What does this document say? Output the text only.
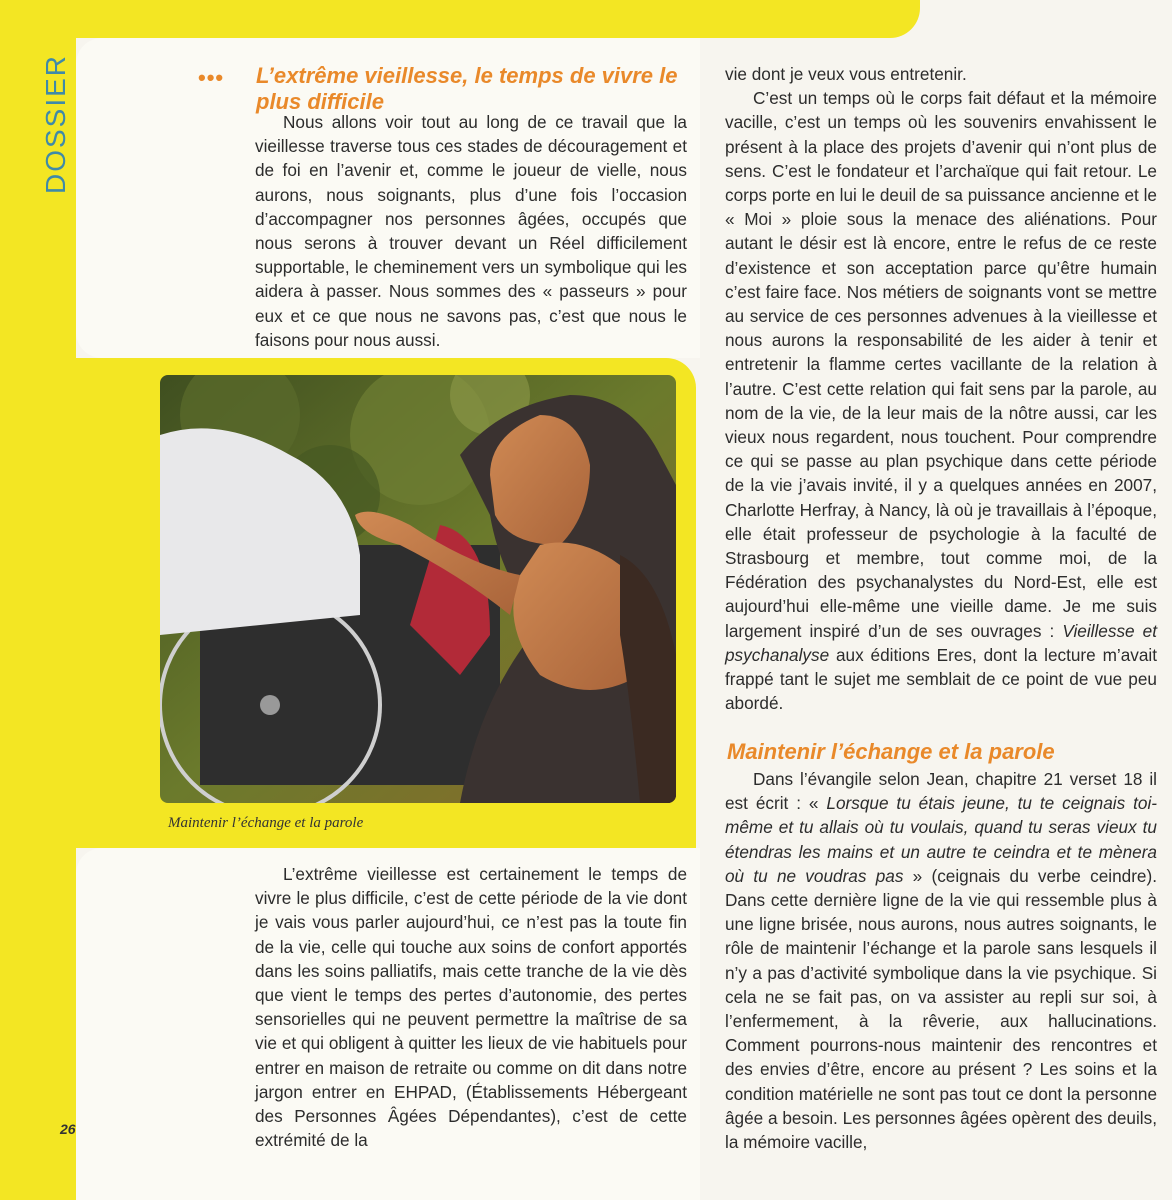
DOSSIER
26
••• L’extrême vieillesse, le temps de vivre le plus difficile

Nous allons voir tout au long de ce travail que la vieillesse traverse tous ces stades de découragement et de foi en l’avenir et, comme le joueur de vielle, nous aurons, nous soignants, plus d’une fois l’occasion d’accompagner nos personnes âgées, occupés que nous serons à trouver devant un Réel difficilement supportable, le cheminement vers un symbolique qui les aidera à passer. Nous sommes des « passeurs » pour eux et ce que nous ne savons pas, c’est que nous le faisons pour nous aussi.

Maintenir l’échange et la parole

L’extrême vieillesse est certainement le temps de vivre le plus difficile, c’est de cette période de la vie dont je vais vous parler aujourd’hui, ce n’est pas la toute fin de la vie, celle qui touche aux soins de confort apportés dans les soins palliatifs, mais cette tranche de la vie dès que vient le temps des pertes d’autonomie, des pertes sensorielles qui ne peuvent permettre la maîtrise de sa vie et qui obligent à quitter les lieux de vie habituels pour entrer en maison de retraite ou comme on dit dans notre jargon entrer en EHPAD, (Établissements Hébergeant des Personnes Âgées Dépendantes), c’est de cette extrémité de la

vie dont je veux vous entretenir.

C’est un temps où le corps fait défaut et la mémoire vacille, c’est un temps où les souvenirs envahissent le présent à la place des projets d’avenir qui n’ont plus de sens. C’est le fondateur et l’archaïque qui fait retour. Le corps porte en lui le deuil de sa puissance ancienne et le « Moi » ploie sous la menace des aliénations. Pour autant le désir est là encore, entre le refus de ce reste d’existence et son acceptation parce qu’être humain c’est faire face. Nos métiers de soignants vont se mettre au service de ces personnes advenues à la vieillesse et nous aurons la responsabilité de les aider à tenir et entretenir la flamme certes vacillante de la relation à l’autre. C’est cette relation qui fait sens par la parole, au nom de la vie, de la leur mais de la nôtre aussi, car les vieux nous regardent, nous touchent. Pour comprendre ce qui se passe au plan psychique dans cette période de la vie j’avais invité, il y a quelques années en 2007, Charlotte Herfray, à Nancy, là où je travaillais à l’époque, elle était professeur de psychologie à la faculté de Strasbourg et membre, tout comme moi, de la Fédération des psychanalystes du Nord-Est, elle est aujourd’hui elle-même une vieille dame. Je me suis largement inspiré d’un de ses ouvrages : Vieillesse et psychanalyse aux éditions Eres, dont la lecture m’avait frappé tant le sujet me semblait de ce point de vue peu abordé.

Maintenir l’échange et la parole

Dans l’évangile selon Jean, chapitre 21 verset 18 il est écrit : « Lorsque tu étais jeune, tu te ceignais toi-même et tu allais où tu voulais, quand tu seras vieux tu étendras les mains et un autre te ceindra et te mènera où tu ne voudras pas » (ceignais du verbe ceindre). Dans cette dernière ligne de la vie qui ressemble plus à une ligne brisée, nous aurons, nous autres soignants, le rôle de maintenir l’échange et la parole sans lesquels il n’y a pas d’activité symbolique dans la vie psychique. Si cela ne se fait pas, on va assister au repli sur soi, à l’enfermement, à la rêverie, aux hallucinations. Comment pourrons-nous maintenir des rencontres et des envies d’être, encore au présent ? Les soins et la condition matérielle ne sont pas tout ce dont la personne âgée a besoin. Les personnes âgées opèrent des deuils, la mémoire vacille,
